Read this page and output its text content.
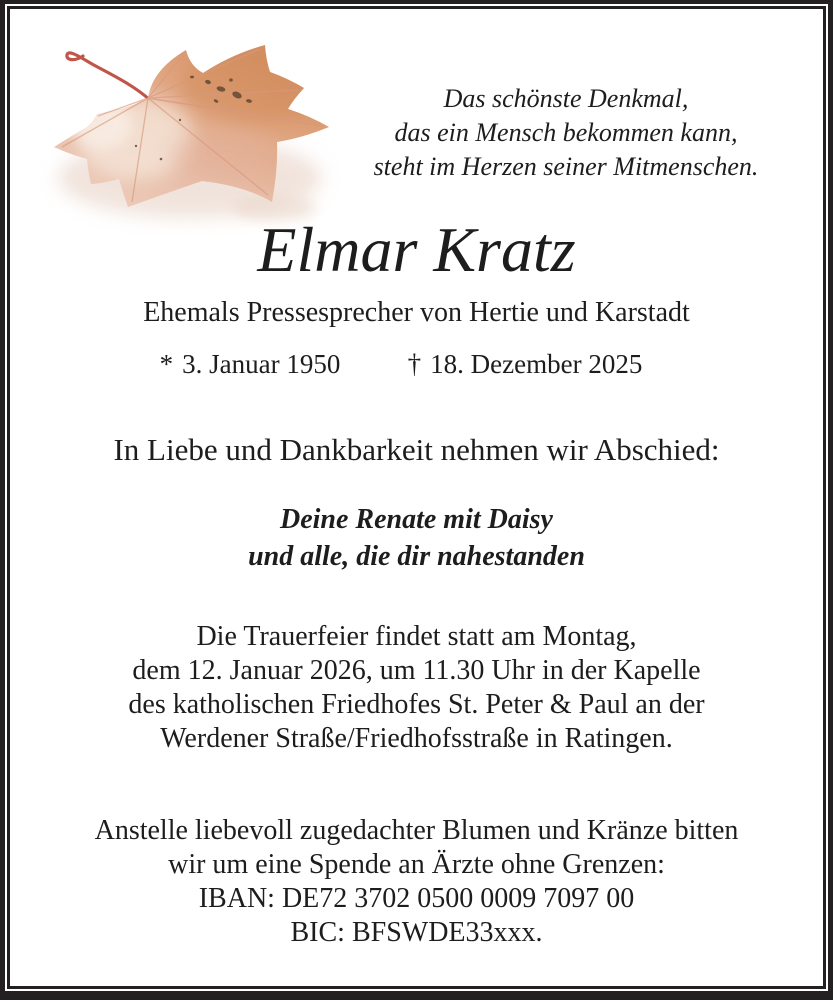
Das schönste Denkmal,
das ein Mensch bekommen kann,
steht im Herzen seiner Mitmenschen.
Elmar Kratz
Ehemals Pressesprecher von Hertie und Karstadt
* 3. Januar 1950	† 18. Dezember 2025
In Liebe und Dankbarkeit nehmen wir Abschied:
Deine Renate mit Daisy
und alle, die dir nahestanden
Die Trauerfeier findet statt am Montag,
dem 12. Januar 2026, um 11.30 Uhr in der Kapelle
des katholischen Friedhofes St. Peter & Paul an der
Werdener Straße/Friedhofsstraße in Ratingen.
Anstelle liebevoll zugedachter Blumen und Kränze bitten
wir um eine Spende an Ärzte ohne Grenzen:
IBAN: DE72 3702 0500 0009 7097 00
BIC: BFSWDE33xxx.
